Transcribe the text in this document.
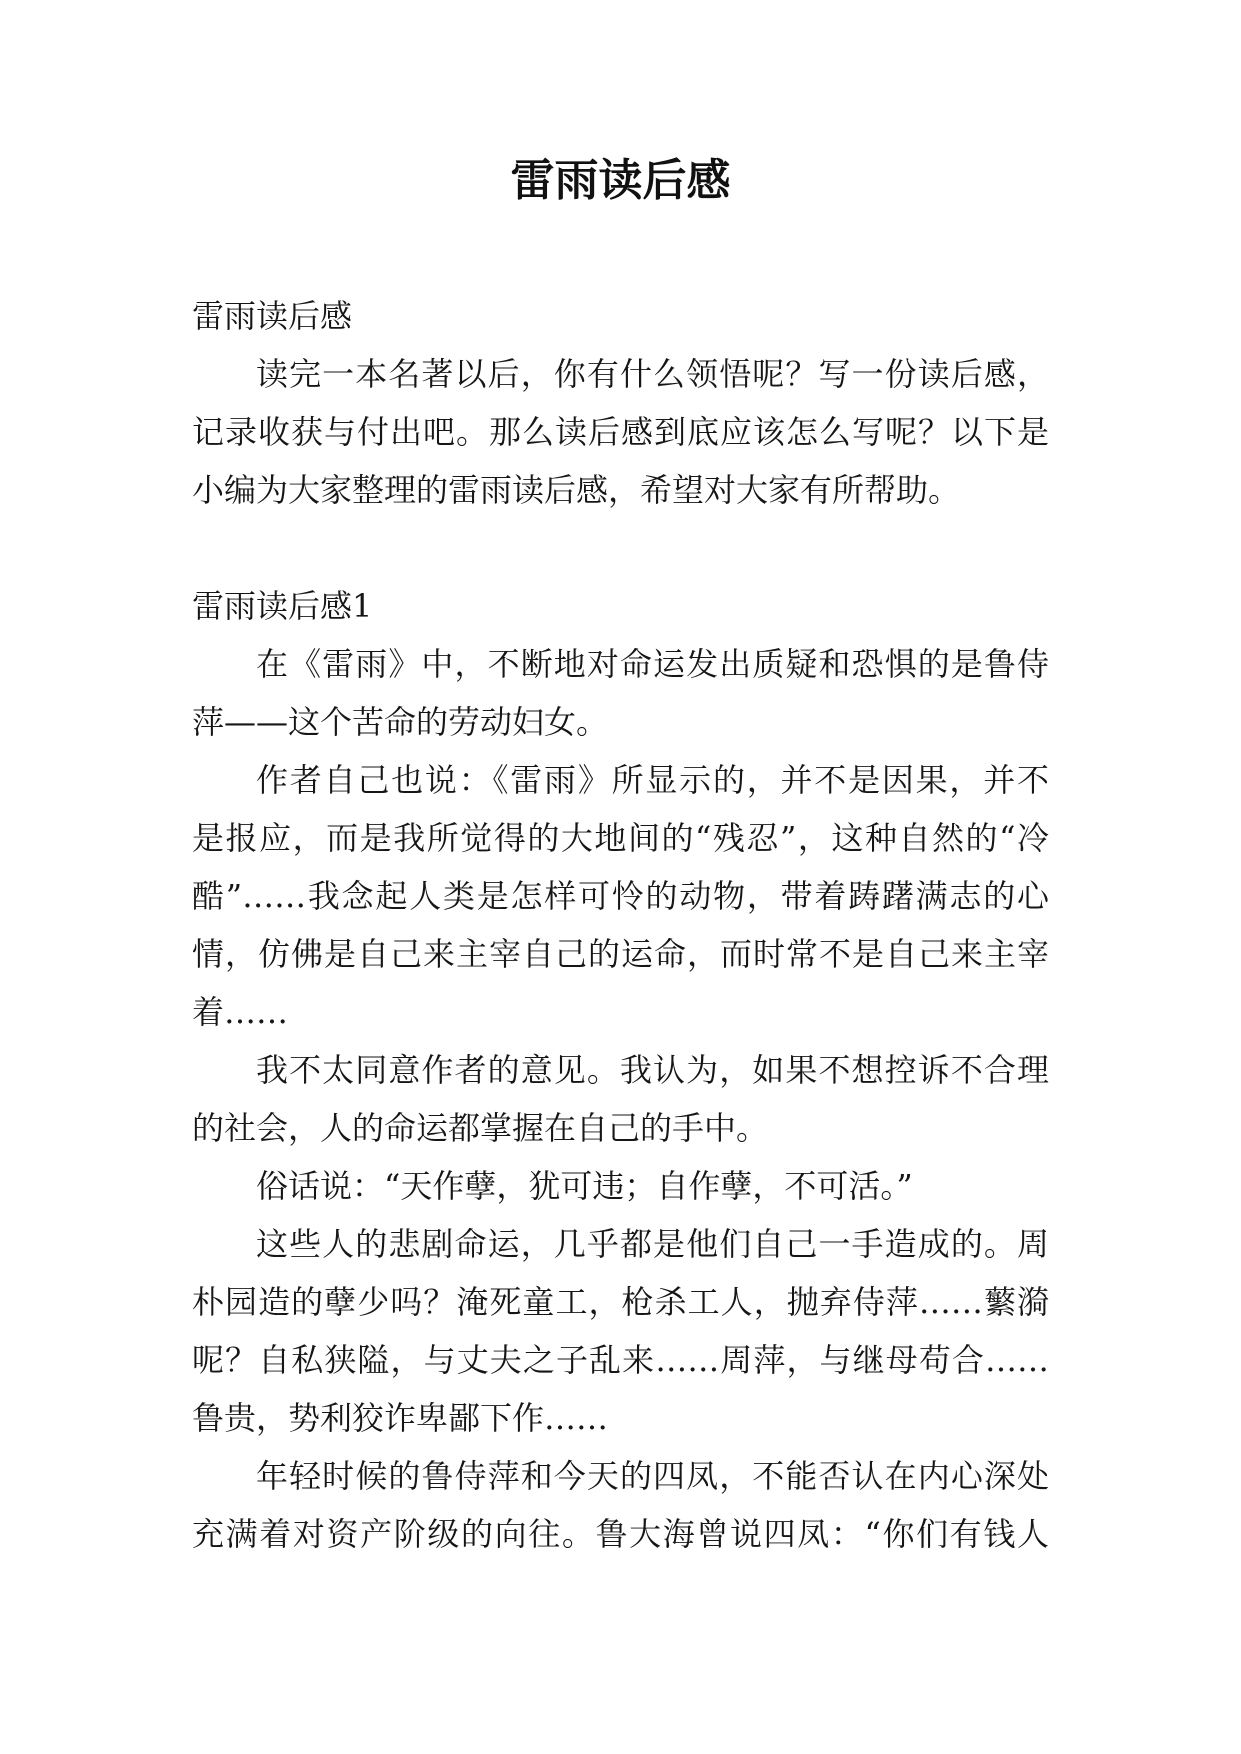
雷雨读后感
雷雨读后感
读完一本名著以后，你有什么领悟呢？写一份读后感，
记录收获与付出吧。那么读后感到底应该怎么写呢？以下是
小编为大家整理的雷雨读后感，希望对大家有所帮助。
雷雨读后感1
在《雷雨》中，不断地对命运发出质疑和恐惧的是鲁侍
萍——这个苦命的劳动妇女。
作者自己也说：《雷雨》所显示的，并不是因果，并不
是报应，而是我所觉得的大地间的“残忍”，这种自然的“冷
酷”……我念起人类是怎样可怜的动物，带着踌躇满志的心
情，仿佛是自己来主宰自己的运命，而时常不是自己来主宰
着……
我不太同意作者的意见。我认为，如果不想控诉不合理
的社会，人的命运都掌握在自己的手中。
俗话说：“天作孽，犹可违；自作孽，不可活。”
这些人的悲剧命运，几乎都是他们自己一手造成的。周
朴园造的孽少吗？淹死童工，枪杀工人，抛弃侍萍……蘩漪
呢？自私狭隘，与丈夫之子乱来……周萍，与继母苟合……
鲁贵，势利狡诈卑鄙下作……
年轻时候的鲁侍萍和今天的四凤，不能否认在内心深处
充满着对资产阶级的向往。鲁大海曾说四凤：“你们有钱人
